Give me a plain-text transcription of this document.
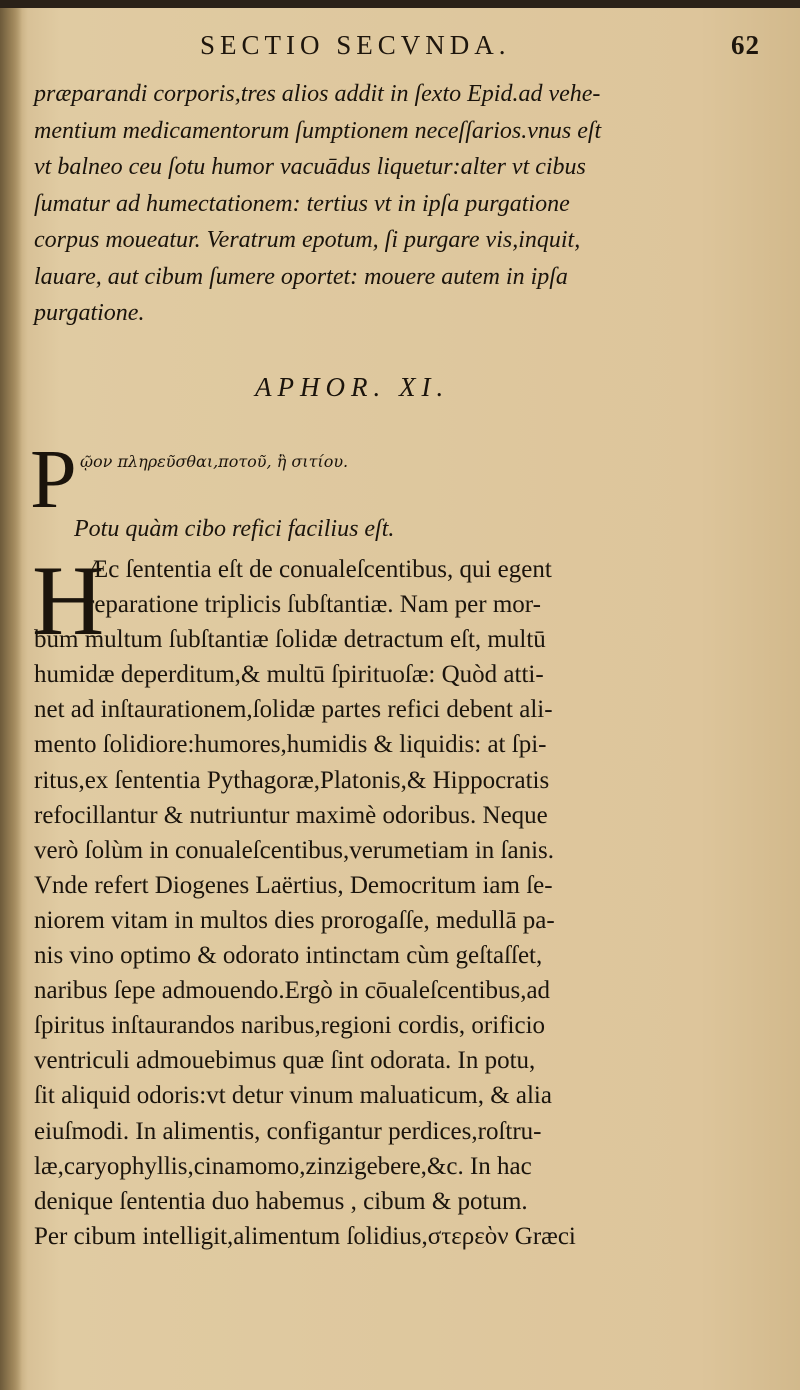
SECTIO SECVNDA.	62
præparandi corporis,tres alios addit in ſexto Epid.ad vehe-
mentium medicamentorum ſumptionem neceſſarios.vnus eſt
vt balneo ceu ſotu humor vacuādus liquetur:alter vt cibus
ſumatur ad humectationem: tertius vt in ipſa purgatione
corpus moueatur. Veratrum epotum, ſi purgare vis,inquit,
lauare, aut cibum ſumere oportet: mouere autem in ipſa
purgatione.
APHOR. XI.
P ῷον πληρεῦσθαι,ποτοῦ, ἢ σιτίου.
Potu quàm cibo refici facilius eſt.
H
Æc ſententia eſt de conualeſcentibus, qui egent
reparatione triplicis ſubſtantiæ. Nam per mor-
bum multum ſubſtantiæ ſolidæ detractum eſt, multū
humidæ deperditum,& multū ſpirituoſæ: Quòd atti-
net ad inſtaurationem,ſolidæ partes refici debent ali-
mento ſolidiore:humores,humidis & liquidis: at ſpi-
ritus,ex ſententia Pythagoræ,Platonis,& Hippocratis
refocillantur & nutriuntur maximè odoribus. Neque
verò ſolùm in conualeſcentibus,verumetiam in ſanis.
Vnde refert Diogenes Laërtius, Democritum iam ſe-
niorem vitam in multos dies prorogaſſe, medullā pa-
nis vino optimo & odorato intinctam cùm geſtaſſet,
naribus ſepe admouendo.Ergò in cōualeſcentibus,ad
ſpiritus inſtaurandos naribus,regioni cordis, orificio
ventriculi admouebimus quæ ſint odorata. In potu,
ſit aliquid odoris:vt detur vinum maluaticum, & alia
eiuſmodi. In alimentis, configantur perdices,roſtru-
læ,caryophyllis,cinamomo,zinzigebere,&c. In hac
denique ſententia duo habemus , cibum & potum.
Per cibum intelligit,alimentum ſolidius,στερεὸν Græci
